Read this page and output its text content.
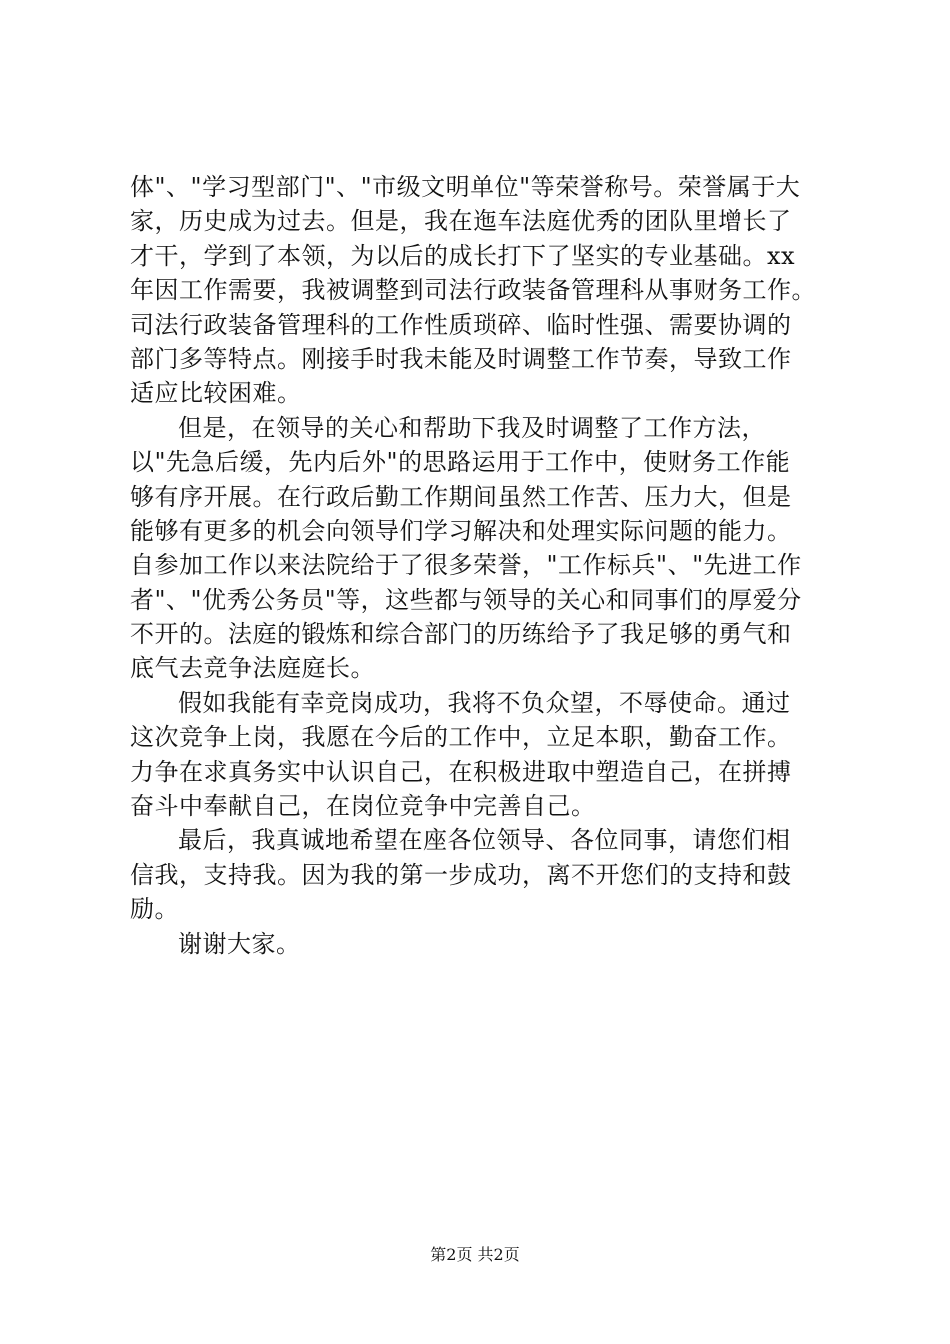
体"、"学习型部门"、"市级文明单位"等荣誉称号。荣誉属于大
家，历史成为过去。但是，我在迤车法庭优秀的团队里增长了
才干，学到了本领，为以后的成长打下了坚实的专业基础。xx
年因工作需要，我被调整到司法行政装备管理科从事财务工作。
司法行政装备管理科的工作性质琐碎、临时性强、需要协调的
部门多等特点。刚接手时我未能及时调整工作节奏，导致工作
适应比较困难。
但是，在领导的关心和帮助下我及时调整了工作方法，
以"先急后缓，先内后外"的思路运用于工作中，使财务工作能
够有序开展。在行政后勤工作期间虽然工作苦、压力大，但是
能够有更多的机会向领导们学习解决和处理实际问题的能力。
自参加工作以来法院给于了很多荣誉，"工作标兵"、"先进工作
者"、"优秀公务员"等，这些都与领导的关心和同事们的厚爱分
不开的。法庭的锻炼和综合部门的历练给予了我足够的勇气和
底气去竞争法庭庭长。
假如我能有幸竞岗成功，我将不负众望，不辱使命。通过
这次竞争上岗，我愿在今后的工作中，立足本职，勤奋工作。
力争在求真务实中认识自己，在积极进取中塑造自己，在拼搏
奋斗中奉献自己，在岗位竞争中完善自己。
最后，我真诚地希望在座各位领导、各位同事，请您们相
信我，支持我。因为我的第一步成功，离不开您们的支持和鼓
励。
谢谢大家。
第2页 共2页
